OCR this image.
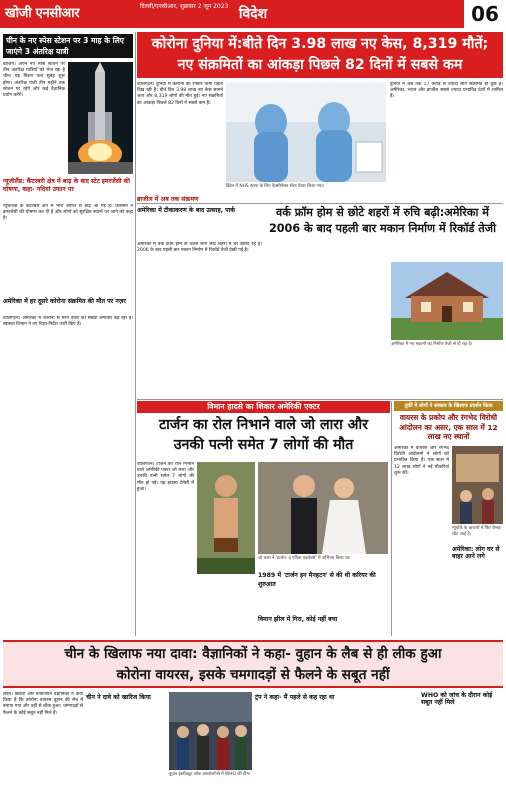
खोजी एनसीआर	दिल्ली/एनसीआर, शुक्रवार 2 जून 2023 विदेश	06
चीन के नए स्पेस स्टेशन पर 3 माह के लिए जाएंगे 3 अंतरिक्ष यात्री
बीजिंग। अपने नए स्पेस स्टेशन पर तीन अंतरिक्ष यात्रियों को भेज रहा है चीन। यह मिशन कल सुबह शुरू होगा। अंतरिक्ष यात्री तीन महीने तक स्टेशन पर रहेंगे और कई वैज्ञानिक प्रयोग करेंगे।
न्यूजीलैंड: कैंटरबरी क्षेत्र में बाढ़ के बाद स्टेट इमरजेंसी की घोषणा, कहा- नदियां उफान पर
न्यूजीलैंड के कैंटरबरी क्षेत्र में भारी बारिश से बाढ़ आ गई है। प्रशासन ने इमरजेंसी की घोषणा कर दी है और लोगों को सुरक्षित स्थानों पर जाने को कहा है।
अमेरिका में हर दूसरे कोरोना संक्रमित की मौत पर नज़र
वॉशिंगटन। अमेरिका में कोरोना से मरने वालों की संख्या लगातार बढ़ रही है। स्वास्थ्य विभाग ने नए दिशा-निर्देश जारी किए हैं।
कोरोना दुनिया में:बीते दिन 3.98 लाख नए केस, 8,319 मौतें;
नए संक्रमितों का आंकड़ा पिछले 82 दिनों में सबसे कम
वॉशिंगटन। दुनिया में कोरोना की रफ्तार धीमी पड़ती दिख रही है। बीते दिन 3.98 लाख नए केस सामने आए और 8,319 लोगों की मौत हुई। नए संक्रमितों का आंकड़ा पिछले 82 दिनों में सबसे कम है।
ब्रिटेन में NHS स्टाफ के लिए वैक्सीनेशन सेंटर तैयार किया गया।
ब्राजील में अब तक संक्रमण
दुनिया में अब तक 17 करोड़ से ज्यादा लोग संक्रमित हो चुके हैं। अमेरिका, भारत और ब्राजील सबसे ज्यादा प्रभावित देशों में शामिल हैं।
अमेरिका में टीकाकरण के बाद उत्साह, पार्क	वर्क फ्रॉम होम से छोटे शहरों में रुचि बढ़ी:अमेरिका में
2006 के बाद पहली बार मकान निर्माण में रिकॉर्ड तेजी
अमेरिका में वर्क फ्रॉम होम के चलते लोग छोटे शहरों में घर खरीद रहे हैं। 2006 के बाद पहली बार मकान निर्माण में रिकॉर्ड तेजी देखी गई है।
अमेरिका में नए मकानों का निर्माण तेजी से हो रहा है।
विमान हादसे का शिकार अमेरिकी एक्टर
टार्जन का रोल निभाने वाले जो लारा और
उनकी पत्नी समेत 7 लोगों की मौत
वॉशिंगटन। टार्जन का रोल निभाने वाले अमेरिकी एक्टर जो लारा और उनकी पत्नी समेत 7 लोगों की मौत हो गई। यह हादसा टेनेसी में हुआ।
जो लारा ने 'टार्जन: द एपिक एडवेंचर्स' में अभिनय किया था।
1989 में 'टार्जन इन मैनहटन' से की थी करियर की शुरुआत
विमान झील में गिरा, कोई नहीं बचा
तुर्की में लोगों ने सरकार के खिलाफ प्रदर्शन किया
वायरस के प्रकोप और रंगभेद विरोधी आंदोलन का असर, एक साल में 12 लाख नए स्थानों
अमेरिका में वायरस और रंगभेद विरोधी आंदोलनों ने लोगों को प्रभावित किया है। एक साल में 12 लाख लोगों ने नई नौकरियां शुरू कीं।
न्यूयॉर्क के बाजारों में फिर रौनक लौट आई है।
अमेरिका: लोग घर से बाहर आने लगे
चीन के खिलाफ नया दावा: वैज्ञानिकों ने कहा- वुहान के लैब से ही लीक हुआ
कोरोना वायरस, इसके चमगादड़ों से फैलने के सबूत नहीं
लंदन। ब्रिटिश और नॉर्वेजियन वैज्ञानिकों ने दावा किया है कि कोरोना वायरस वुहान की लैब में बनाया गया और वहीं से लीक हुआ। चमगादड़ों से फैलने के कोई सबूत नहीं मिले हैं।
चीन ने दावे को खारिज किया
वुहान इंस्टीट्यूट ऑफ वायरोलॉजी में WHO की टीम।
ट्रंप ने कहा- मैं पहले से कह रहा था	WHO को जांच के दौरान कोई सबूत नहीं मिले
